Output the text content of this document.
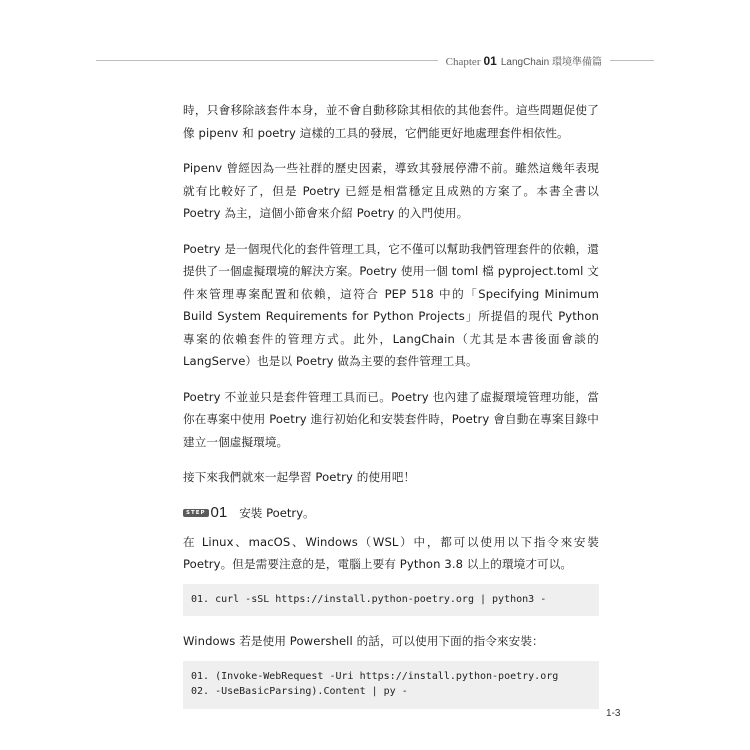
Chapter 01 LangChain 環境準備篇

時，只會移除該套件本身，並不會自動移除其相依的其他套件。這些問題促使了像 pipenv 和 poetry 這樣的工具的發展，它們能更好地處理套件相依性。

Pipenv 曾經因為一些社群的歷史因素，導致其發展停滯不前。雖然這幾年表現就有比較好了，但是 Poetry 已經是相當穩定且成熟的方案了。本書全書以 Poetry 為主，這個小節會來介紹 Poetry 的入門使用。

Poetry 是一個現代化的套件管理工具，它不僅可以幫助我們管理套件的依賴，還提供了一個虛擬環境的解決方案。Poetry 使用一個 toml 檔 pyproject.toml 文件來管理專案配置和依賴，這符合 PEP 518 中的「Specifying Minimum Build System Requirements for Python Projects」所提倡的現代 Python 專案的依賴套件的管理方式。此外，LangChain（尤其是本書後面會談的 LangServe）也是以 Poetry 做為主要的套件管理工具。

Poetry 不並並只是套件管理工具而已。Poetry 也內建了虛擬環境管理功能，當你在專案中使用 Poetry 進行初始化和安裝套件時，Poetry 會自動在專案目錄中建立一個虛擬環境。

接下來我們就來一起學習 Poetry 的使用吧！

STEP 01 安裝 Poetry。

在 Linux、macOS、Windows（WSL）中，都可以使用以下指令來安裝 Poetry。但是需要注意的是，電腦上要有 Python 3.8 以上的環境才可以。

01. curl -sSL https://install.python-poetry.org | python3 -

Windows 若是使用 Powershell 的話，可以使用下面的指令來安裝：

01. (Invoke-WebRequest -Uri https://install.python-poetry.org
02. -UseBasicParsing).Content | py -
1-3
